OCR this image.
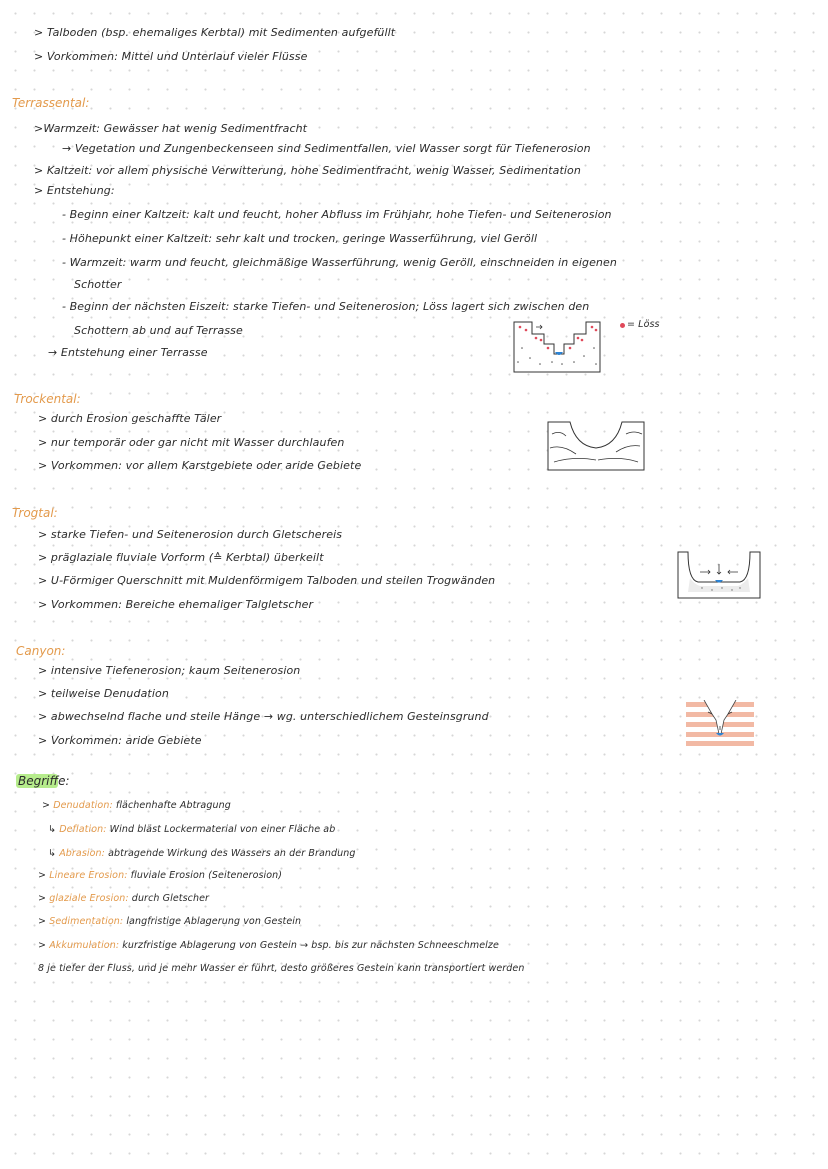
> Talboden (bsp. ehemaliges Kerbtal) mit Sedimenten aufgefüllt
> Vorkommen: Mittel und Unterlauf vieler Flüsse
Terrassental:
>Warmzeit: Gewässer hat wenig Sedimentfracht
→ Vegetation und Zungenbeckenseen sind Sedimentfallen, viel Wasser sorgt für Tiefenerosion
> Kaltzeit: vor allem physische Verwitterung, hohe Sedimentfracht, wenig Wasser, Sedimentation
> Entstehung:
- Beginn einer Kaltzeit: kalt und feucht, hoher Abfluss im Frühjahr, hohe Tiefen- und Seitenerosion
- Höhepunkt einer Kaltzeit: sehr kalt und trocken, geringe Wasserführung, viel Geröll
- Warmzeit: warm und feucht, gleichmäßige Wasserführung, wenig Geröll, einschneiden in eigenen
Schotter
- Beginn der nächsten Eiszeit: starke Tiefen- und Seitenerosion; Löss lagert sich zwischen den
Schottern ab und auf Terrasse
→ Entstehung einer Terrasse
= Löss
Trockental:
> durch Erosion geschaffte Täler
> nur temporär oder gar nicht mit Wasser durchlaufen
> Vorkommen: vor allem Karstgebiete oder aride Gebiete
Trogtal:
> starke Tiefen- und Seitenerosion durch Gletschereis
> präglaziale fluviale Vorform (≙ Kerbtal) überkeilt
> U-Förmiger Querschnitt mit Muldenförmigem Talboden und steilen Trogwänden
> Vorkommen: Bereiche ehemaliger Talgletscher
Canyon:
> intensive Tiefenerosion; kaum Seitenerosion
> teilweise Denudation
> abwechselnd flache und steile Hänge → wg. unterschiedlichem Gesteinsgrund
> Vorkommen: aride Gebiete
Begriffe:
> Denudation: flächenhafte Abtragung
↳ Deflation: Wind bläst Lockermaterial von einer Fläche ab
↳ Abrasion: abtragende Wirkung des Wassers an der Brandung
> Lineare Erosion: fluviale Erosion (Seitenerosion)
> glaziale Erosion: durch Gletscher
> Sedimentation: langfristige Ablagerung von Gestein
> Akkumulation: kurzfristige Ablagerung von Gestein → bsp. bis zur nächsten Schneeschmelze
8 je tiefer der Fluss, und je mehr Wasser er führt, desto größeres Gestein kann transportiert werden
